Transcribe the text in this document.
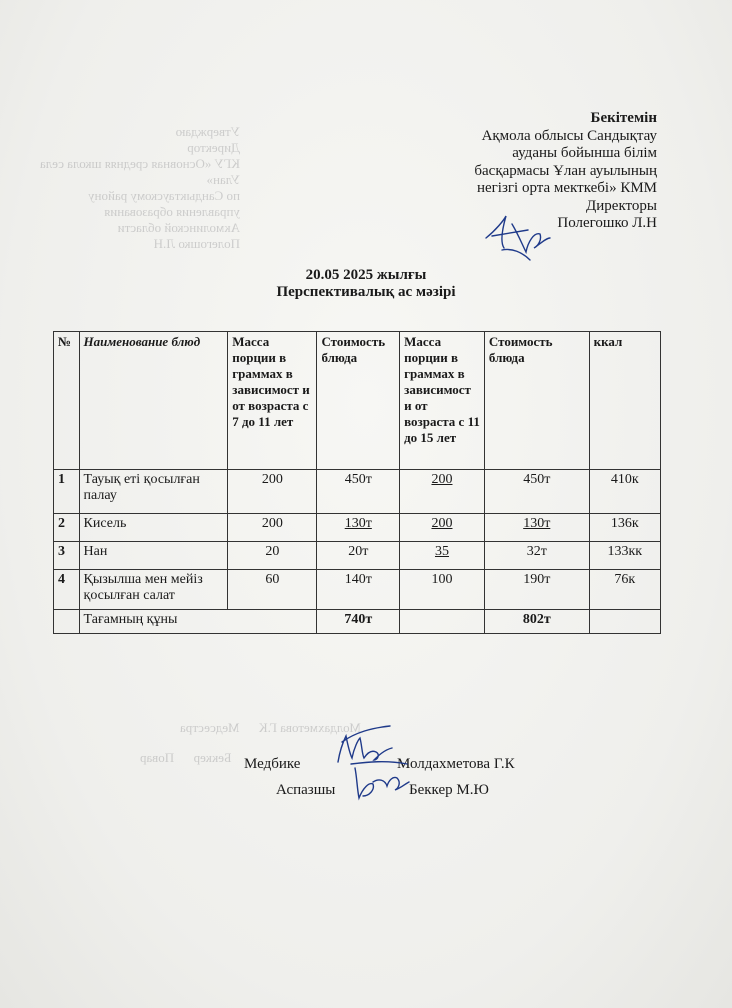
Утверждаю
Директор
КГУ «Основная средняя школа села
Улан»
по Сандыктаускому району
управления образования
Акмолинской области
Полегошко Л.Н
Молдахметова Г.К      Медсестра
Беккер      Повар
Бекітемін
Ақмола облысы Сандықтау
ауданы бойынша білім
басқармасы Ұлан ауылының
негізгі орта мекткебі» КММ
Директоры
Полегошко Л.Н
20.05 2025 жылғы
Перспективалық ас мәзірі
№	Наименование блюд	Масса порции в граммах в зависимост и от возраста с 7 до 11 лет	Стоимость блюда	Масса порции в граммах в зависимост и от возраста с 11 до 15 лет	Стоимость блюда	ккал
1	Тауық еті қосылған палау	200	450т	200	450т	410к
2	Кисель	200	130т	200	130т	136к
3	Нан	20	20т	35	32т	133кк
4	Қызылша мен мейіз қосылған салат	60	140т	100	190т	76к
	Тағамның құны		740т		802т	
Медбике	Молдахметова Г.К
Аспазшы	Беккер М.Ю
